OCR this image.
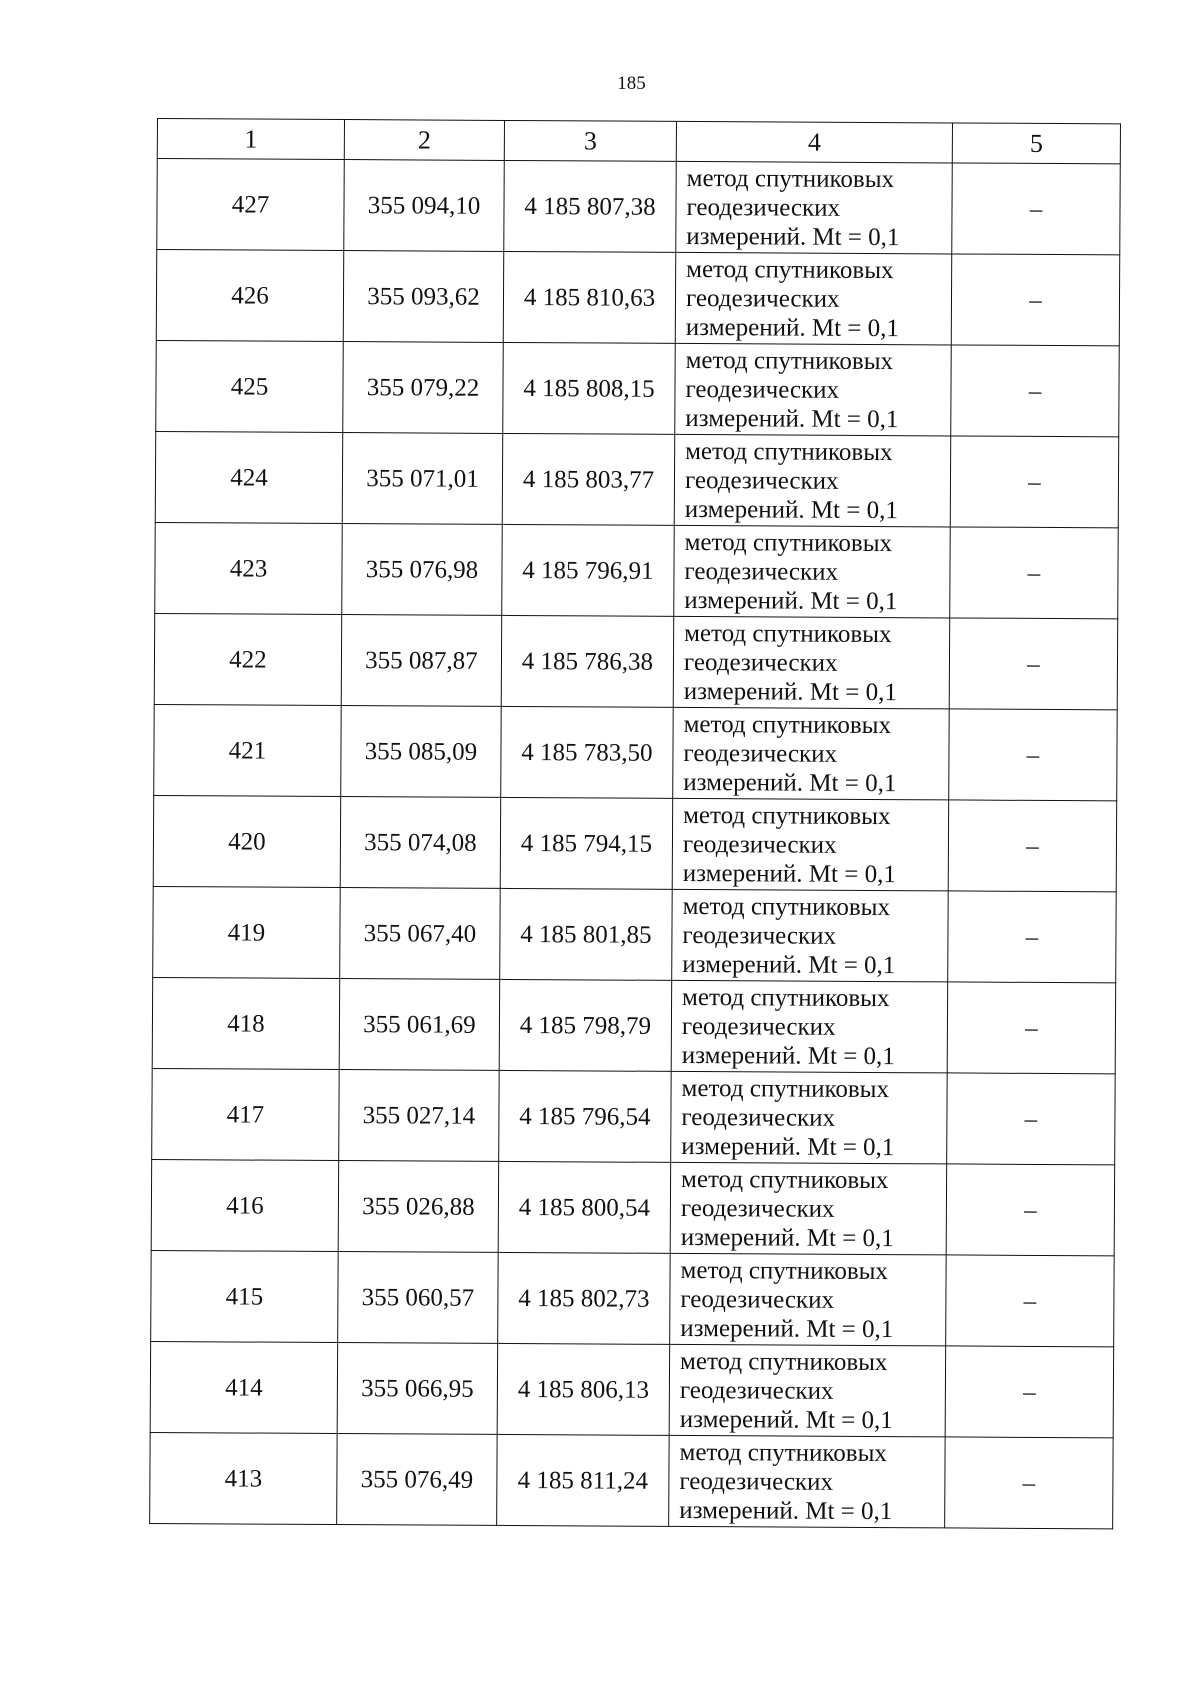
185
1	2	3	4	5
427	355 094,10	4 185 807,38	метод спутниковых
геодезических
измерений. Mt = 0,1	–
426	355 093,62	4 185 810,63	метод спутниковых
геодезических
измерений. Mt = 0,1	–
425	355 079,22	4 185 808,15	метод спутниковых
геодезических
измерений. Mt = 0,1	–
424	355 071,01	4 185 803,77	метод спутниковых
геодезических
измерений. Mt = 0,1	–
423	355 076,98	4 185 796,91	метод спутниковых
геодезических
измерений. Mt = 0,1	–
422	355 087,87	4 185 786,38	метод спутниковых
геодезических
измерений. Mt = 0,1	–
421	355 085,09	4 185 783,50	метод спутниковых
геодезических
измерений. Mt = 0,1	–
420	355 074,08	4 185 794,15	метод спутниковых
геодезических
измерений. Mt = 0,1	–
419	355 067,40	4 185 801,85	метод спутниковых
геодезических
измерений. Mt = 0,1	–
418	355 061,69	4 185 798,79	метод спутниковых
геодезических
измерений. Mt = 0,1	–
417	355 027,14	4 185 796,54	метод спутниковых
геодезических
измерений. Mt = 0,1	–
416	355 026,88	4 185 800,54	метод спутниковых
геодезических
измерений. Mt = 0,1	–
415	355 060,57	4 185 802,73	метод спутниковых
геодезических
измерений. Mt = 0,1	–
414	355 066,95	4 185 806,13	метод спутниковых
геодезических
измерений. Mt = 0,1	–
413	355 076,49	4 185 811,24	метод спутниковых
геодезических
измерений. Mt = 0,1	–
